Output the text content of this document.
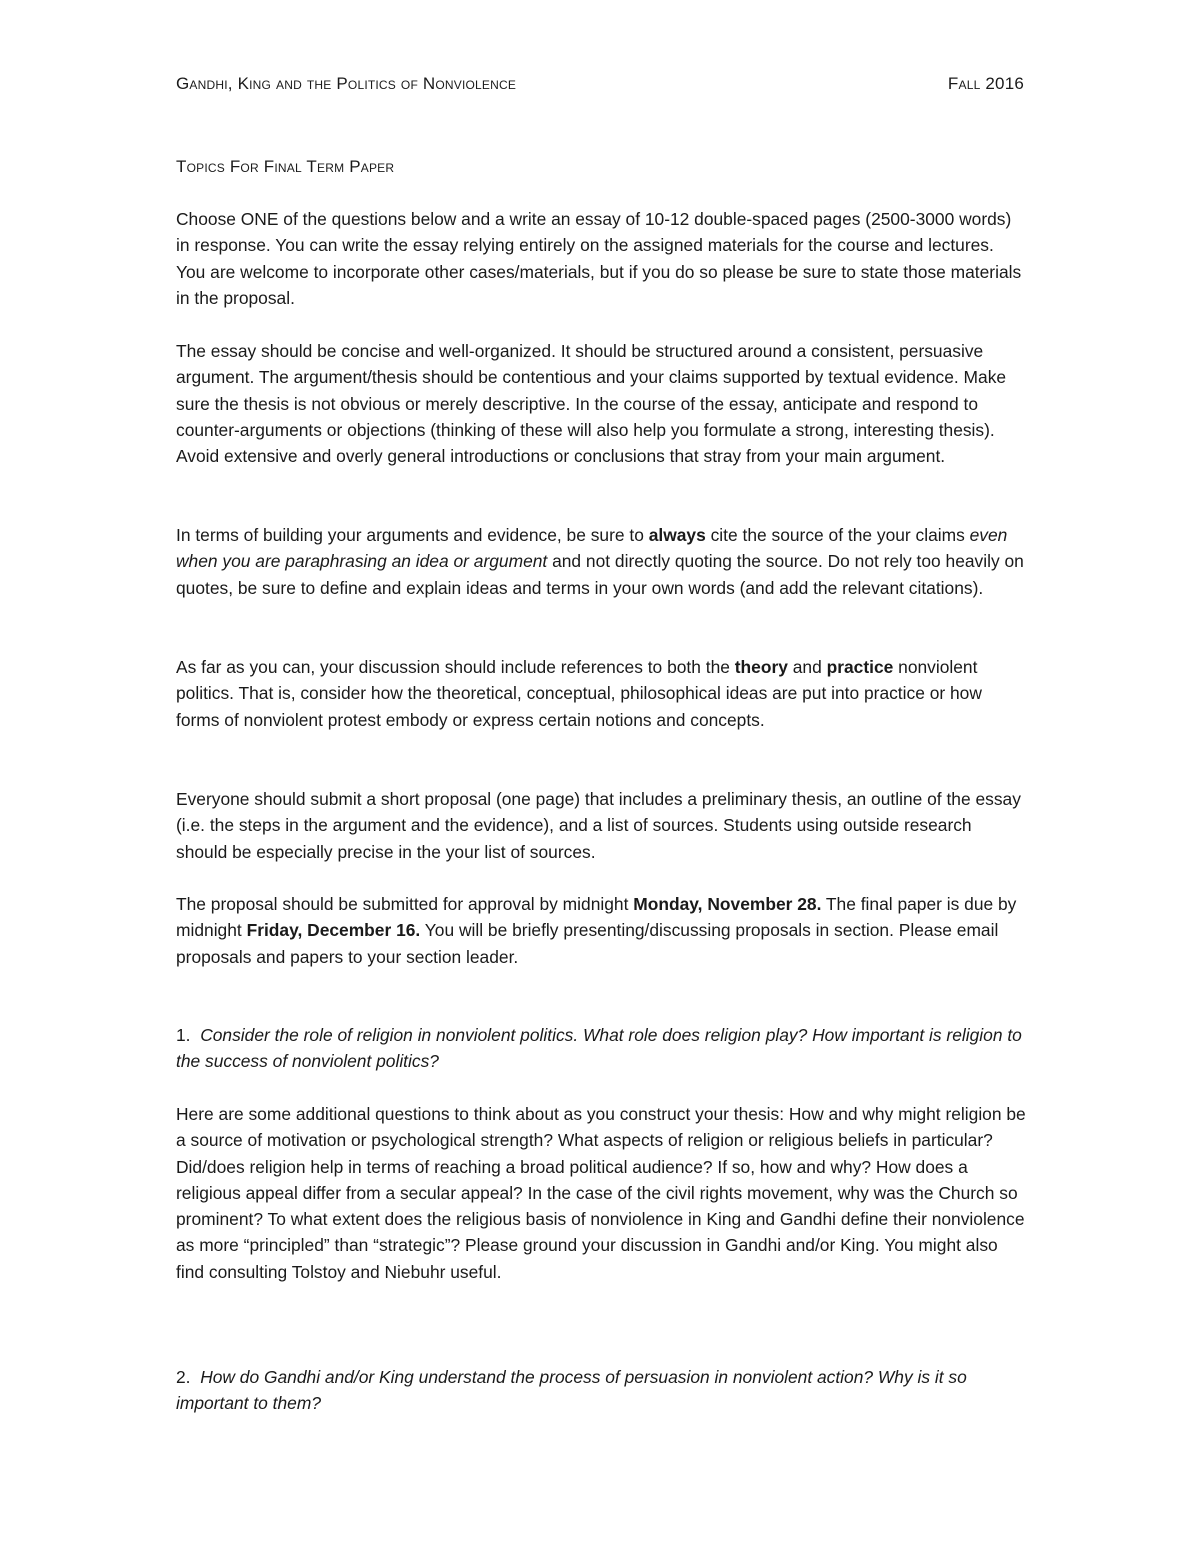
Gandhi, King and the Politics of Nonviolence	Fall 2016
Topics For Final Term Paper

Choose ONE of the questions below and a write an essay of 10-12 double-spaced pages (2500-3000 words) in response. You can write the essay relying entirely on the assigned materials for the course and lectures. You are welcome to incorporate other cases/materials, but if you do so please be sure to state those materials in the proposal.

The essay should be concise and well-organized. It should be structured around a consistent, persuasive argument. The argument/thesis should be contentious and your claims supported by textual evidence. Make sure the thesis is not obvious or merely descriptive. In the course of the essay, anticipate and respond to counter-arguments or objections (thinking of these will also help you formulate a strong, interesting thesis). Avoid extensive and overly general introductions or conclusions that stray from your main argument.

In terms of building your arguments and evidence, be sure to always cite the source of the your claims even when you are paraphrasing an idea or argument and not directly quoting the source. Do not rely too heavily on quotes, be sure to define and explain ideas and terms in your own words (and add the relevant citations).

As far as you can, your discussion should include references to both the theory and practice nonviolent politics. That is, consider how the theoretical, conceptual, philosophical ideas are put into practice or how forms of nonviolent protest embody or express certain notions and concepts.

Everyone should submit a short proposal (one page) that includes a preliminary thesis, an outline of the essay (i.e. the steps in the argument and the evidence), and a list of sources. Students using outside research should be especially precise in the your list of sources.

The proposal should be submitted for approval by midnight Monday, November 28. The final paper is due by midnight Friday, December 16. You will be briefly presenting/discussing proposals in section. Please email proposals and papers to your section leader.

1. Consider the role of religion in nonviolent politics. What role does religion play? How important is religion to the success of nonviolent politics?

Here are some additional questions to think about as you construct your thesis: How and why might religion be a source of motivation or psychological strength? What aspects of religion or religious beliefs in particular? Did/does religion help in terms of reaching a broad political audience? If so, how and why? How does a religious appeal differ from a secular appeal? In the case of the civil rights movement, why was the Church so prominent? To what extent does the religious basis of nonviolence in King and Gandhi define their nonviolence as more “principled” than “strategic”? Please ground your discussion in Gandhi and/or King. You might also find consulting Tolstoy and Niebuhr useful.

2. How do Gandhi and/or King understand the process of persuasion in nonviolent action? Why is it so important to them?
